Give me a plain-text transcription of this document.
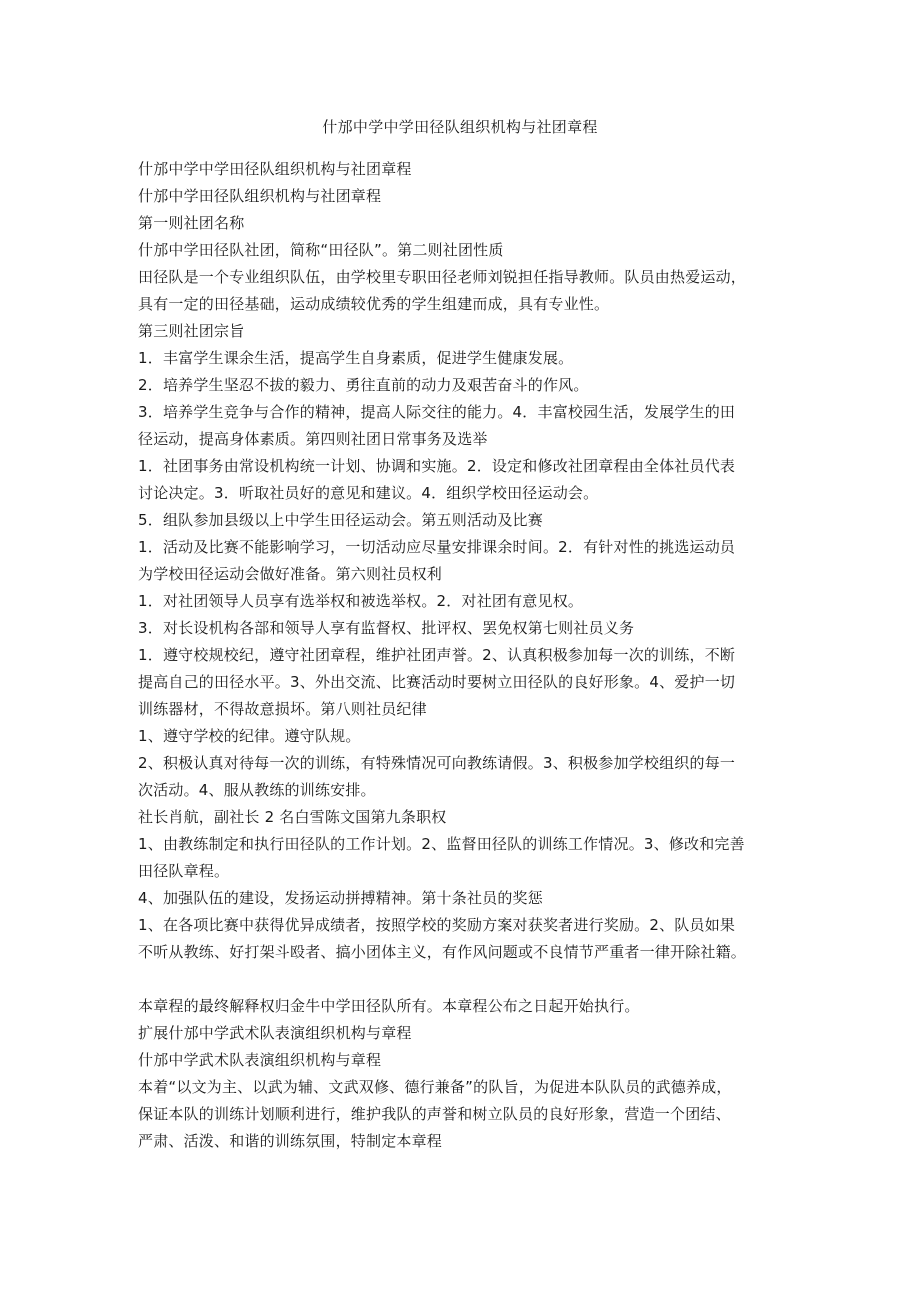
什邡中学中学田径队组织机构与社团章程
什邡中学中学田径队组织机构与社团章程
什邡中学田径队组织机构与社团章程
第一则社团名称
什邡中学田径队社团，简称“田径队”。第二则社团性质
田径队是一个专业组织队伍，由学校里专职田径老师刘锐担任指导教师。队员由热爱运动，
具有一定的田径基础，运动成绩较优秀的学生组建而成，具有专业性。
第三则社团宗旨
1．丰富学生课余生活，提高学生自身素质，促进学生健康发展。
2．培养学生坚忍不拔的毅力、勇往直前的动力及艰苦奋斗的作风。
3．培养学生竞争与合作的精神，提高人际交往的能力。4．丰富校园生活，发展学生的田
径运动，提高身体素质。第四则社团日常事务及选举
1．社团事务由常设机构统一计划、协调和实施。2．设定和修改社团章程由全体社员代表
讨论决定。3．听取社员好的意见和建议。4．组织学校田径运动会。
5．组队参加县级以上中学生田径运动会。第五则活动及比赛
1．活动及比赛不能影响学习，一切活动应尽量安排课余时间。2．有针对性的挑选运动员
为学校田径运动会做好准备。第六则社员权利
1．对社团领导人员享有选举权和被选举权。2．对社团有意见权。
3．对长设机构各部和领导人享有监督权、批评权、罢免权第七则社员义务
1．遵守校规校纪，遵守社团章程，维护社团声誉。2、认真积极参加每一次的训练，不断
提高自己的田径水平。3、外出交流、比赛活动时要树立田径队的良好形象。4、爱护一切
训练器材，不得故意损坏。第八则社员纪律
1、遵守学校的纪律。遵守队规。
2、积极认真对待每一次的训练，有特殊情况可向教练请假。3、积极参加学校组织的每一
次活动。4、服从教练的训练安排。
社长肖航，副社长 2 名白雪陈文国第九条职权
1、由教练制定和执行田径队的工作计划。2、监督田径队的训练工作情况。3、修改和完善
田径队章程。
4、加强队伍的建设，发扬运动拼搏精神。第十条社员的奖惩
1、在各项比赛中获得优异成绩者，按照学校的奖励方案对获奖者进行奖励。2、队员如果
不听从教练、好打架斗殴者、搞小团体主义，有作风问题或不良情节严重者一律开除社籍。
本章程的最终解释权归金牛中学田径队所有。本章程公布之日起开始执行。
扩展什邡中学武术队表演组织机构与章程
什邡中学武术队表演组织机构与章程
本着“以文为主、以武为辅、文武双修、德行兼备”的队旨，为促进本队队员的武德养成，
保证本队的训练计划顺利进行，维护我队的声誉和树立队员的良好形象，营造一个团结、
严肃、活泼、和谐的训练氛围，特制定本章程
